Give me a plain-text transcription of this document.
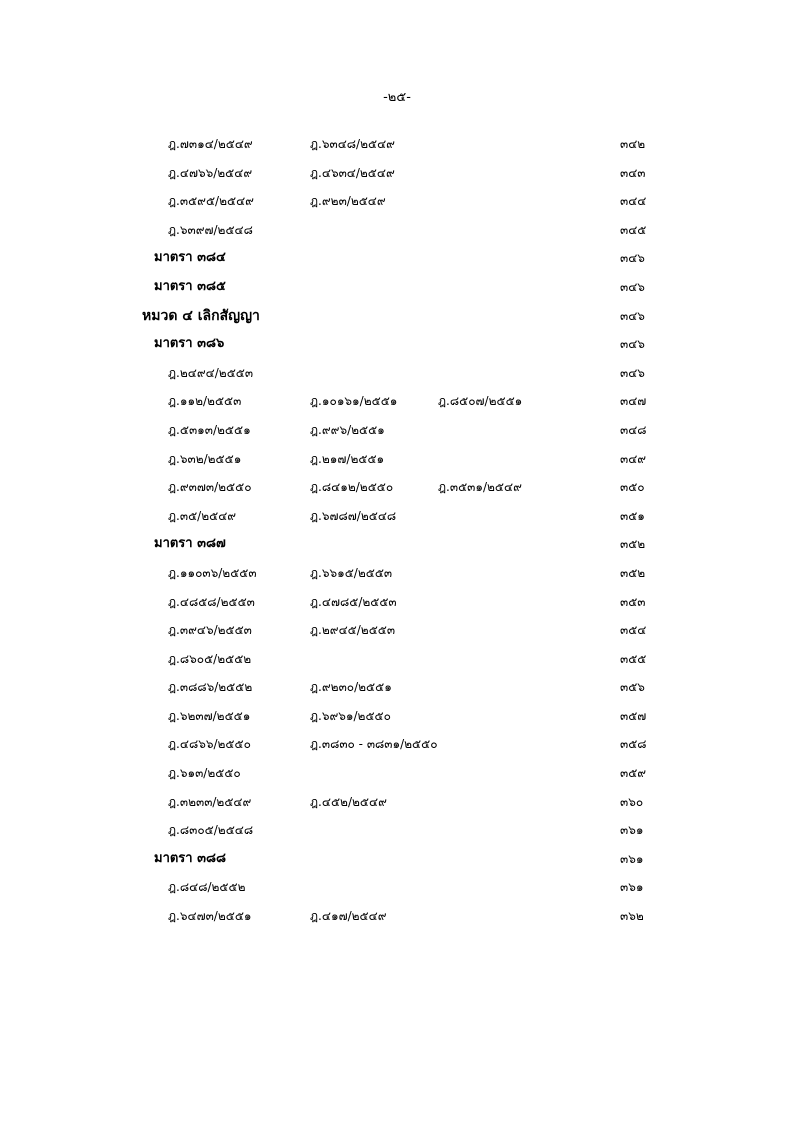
-๒๕-
ฎ.๗๓๑๔/๒๕๔๙	ฎ.๖๓๔๘/๒๕๔๙	๓๔๒
ฎ.๔๗๖๖/๒๕๔๙	ฎ.๔๖๓๔/๒๕๔๙	๓๔๓
ฎ.๓๕๙๕/๒๕๔๙	ฎ.๙๒๓/๒๕๔๙	๓๔๔
ฎ.๖๓๙๗/๒๕๔๘	๓๔๕
มาตรา ๓๘๔	๓๔๖
มาตรา ๓๘๕	๓๔๖
หมวด ๔ เลิกสัญญา	๓๔๖
มาตรา ๓๘๖	๓๔๖
ฎ.๒๔๙๔/๒๕๕๓	๓๔๖
ฎ.๑๑๒/๒๕๕๓	ฎ.๑๐๑๖๑/๒๕๕๑	ฎ.๘๕๐๗/๒๕๕๑	๓๔๗
ฎ.๕๓๑๓/๒๕๕๑	ฎ.๙๙๖/๒๕๕๑	๓๔๘
ฎ.๖๓๒/๒๕๕๑	ฎ.๒๑๗/๒๕๕๑	๓๔๙
ฎ.๙๓๗๓/๒๕๕๐	ฎ.๘๔๑๒/๒๕๕๐	ฎ.๓๕๓๑/๒๕๔๙	๓๕๐
ฎ.๓๕/๒๕๔๙	ฎ.๖๗๘๗/๒๕๔๘	๓๕๑
มาตรา ๓๘๗	๓๕๒
ฎ.๑๑๐๓๖/๒๕๕๓	ฎ.๖๖๑๕/๒๕๕๓	๓๕๒
ฎ.๔๘๕๘/๒๕๕๓	ฎ.๔๗๘๕/๒๕๕๓	๓๕๓
ฎ.๓๙๔๖/๒๕๕๓	ฎ.๒๙๔๕/๒๕๕๓	๓๕๔
ฎ.๘๖๐๕/๒๕๕๒	๓๕๕
ฎ.๓๘๘๖/๒๕๕๒	ฎ.๙๒๓๐/๒๕๕๑	๓๕๖
ฎ.๖๒๓๗/๒๕๕๑	ฎ.๖๙๖๑/๒๕๕๐	๓๕๗
ฎ.๔๘๖๖/๒๕๕๐	ฎ.๓๘๓๐ - ๓๘๓๑/๒๕๕๐	๓๕๘
ฎ.๖๑๓/๒๕๕๐	๓๕๙
ฎ.๓๒๓๓/๒๕๔๙	ฎ.๔๕๒/๒๕๔๙	๓๖๐
ฎ.๘๓๐๕/๒๕๔๘	๓๖๑
มาตรา ๓๘๘	๓๖๑
ฎ.๘๔๘/๒๕๕๒	๓๖๑
ฎ.๖๔๗๓/๒๕๕๑	ฎ.๔๑๗/๒๕๔๙	๓๖๒
